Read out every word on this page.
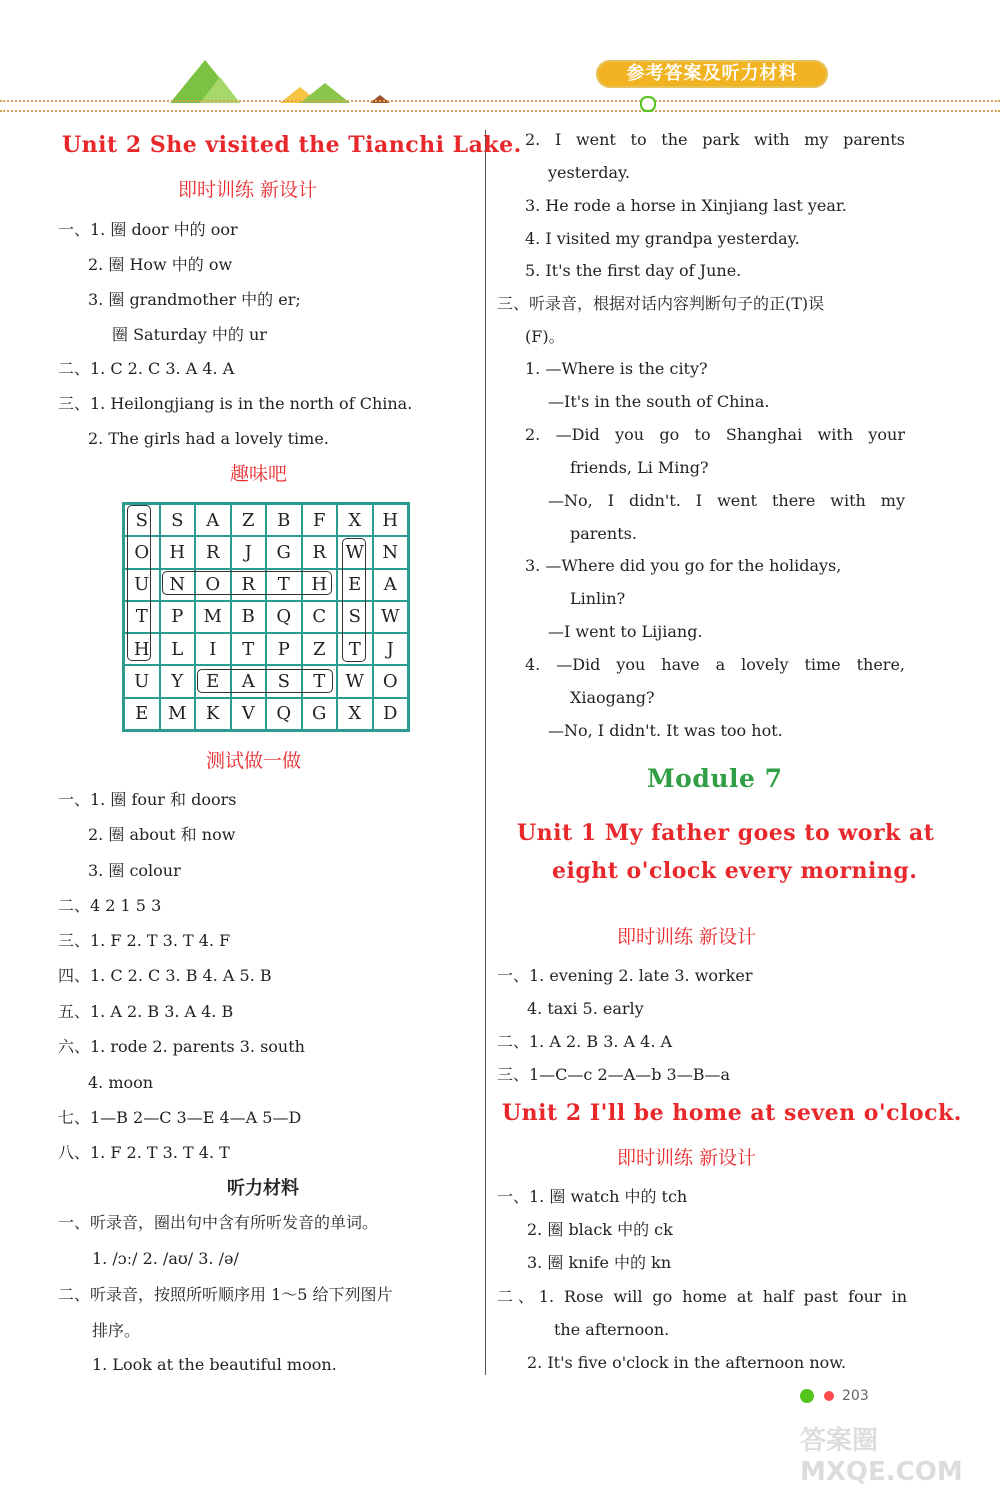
参考答案及听力材料
Unit 2 She visited the Tianchi Lake.
即时训练 新设计
一、1. 圈 door 中的 oor
2. 圈 How 中的 ow
3. 圈 grandmother 中的 er;
圈 Saturday 中的 ur
二、1. C 2. C 3. A 4. A
三、1. Heilongjiang is in the north of China.
2. The girls had a lovely time.
趣味吧
S	S	A	Z	B	F	X	H
O	H	R	J	G	R	W	N
U	N	O	R	T	H	E	A
T	P	M	B	Q	C	S	W
H	L	I	T	P	Z	T	J
U	Y	E	A	S	T	W	O
E	M	K	V	Q	G	X	D
测试做一做
一、1. 圈 four 和 doors
2. 圈 about 和 now
3. 圈 colour
二、4 2 1 5 3
三、1. F 2. T 3. T 4. F
四、1. C 2. C 3. B 4. A 5. B
五、1. A 2. B 3. A 4. B
六、1. rode 2. parents 3. south
4. moon
七、1—B 2—C 3—E 4—A 5—D
八、1. F 2. T 3. T 4. T
听力材料
一、听录音，圈出句中含有所听发音的单词。
1. /ɔː/ 2. /aʊ/ 3. /ə/
二、听录音，按照所听顺序用 1～5 给下列图片
排序。
1. Look at the beautiful moon.
2. I went to the park with my parents
yesterday.
3. He rode a horse in Xinjiang last year.
4. I visited my grandpa yesterday.
5. It's the first day of June.
三、听录音，根据对话内容判断句子的正(T)误
(F)。
1. —Where is the city?
—It's in the south of China.
2. —Did you go to Shanghai with your
friends, Li Ming?
—No, I didn't. I went there with my
parents.
3. —Where did you go for the holidays,
Linlin?
—I went to Lijiang.
4. —Did you have a lovely time there,
Xiaogang?
—No, I didn't. It was too hot.
Module 7
Unit 1 My father goes to work at
eight o'clock every morning.
即时训练 新设计
一、1. evening 2. late 3. worker
4. taxi 5. early
二、1. A 2. B 3. A 4. A
三、1—C—c 2—A—b 3—B—a
Unit 2 I'll be home at seven o'clock.
即时训练 新设计
一、1. 圈 watch 中的 tch
2. 圈 black 中的 ck
3. 圈 knife 中的 kn
二、1. Rose will go home at half past four in
the afternoon.
2. It's five o'clock in the afternoon now.
203
答案圈 MXQE.COM
